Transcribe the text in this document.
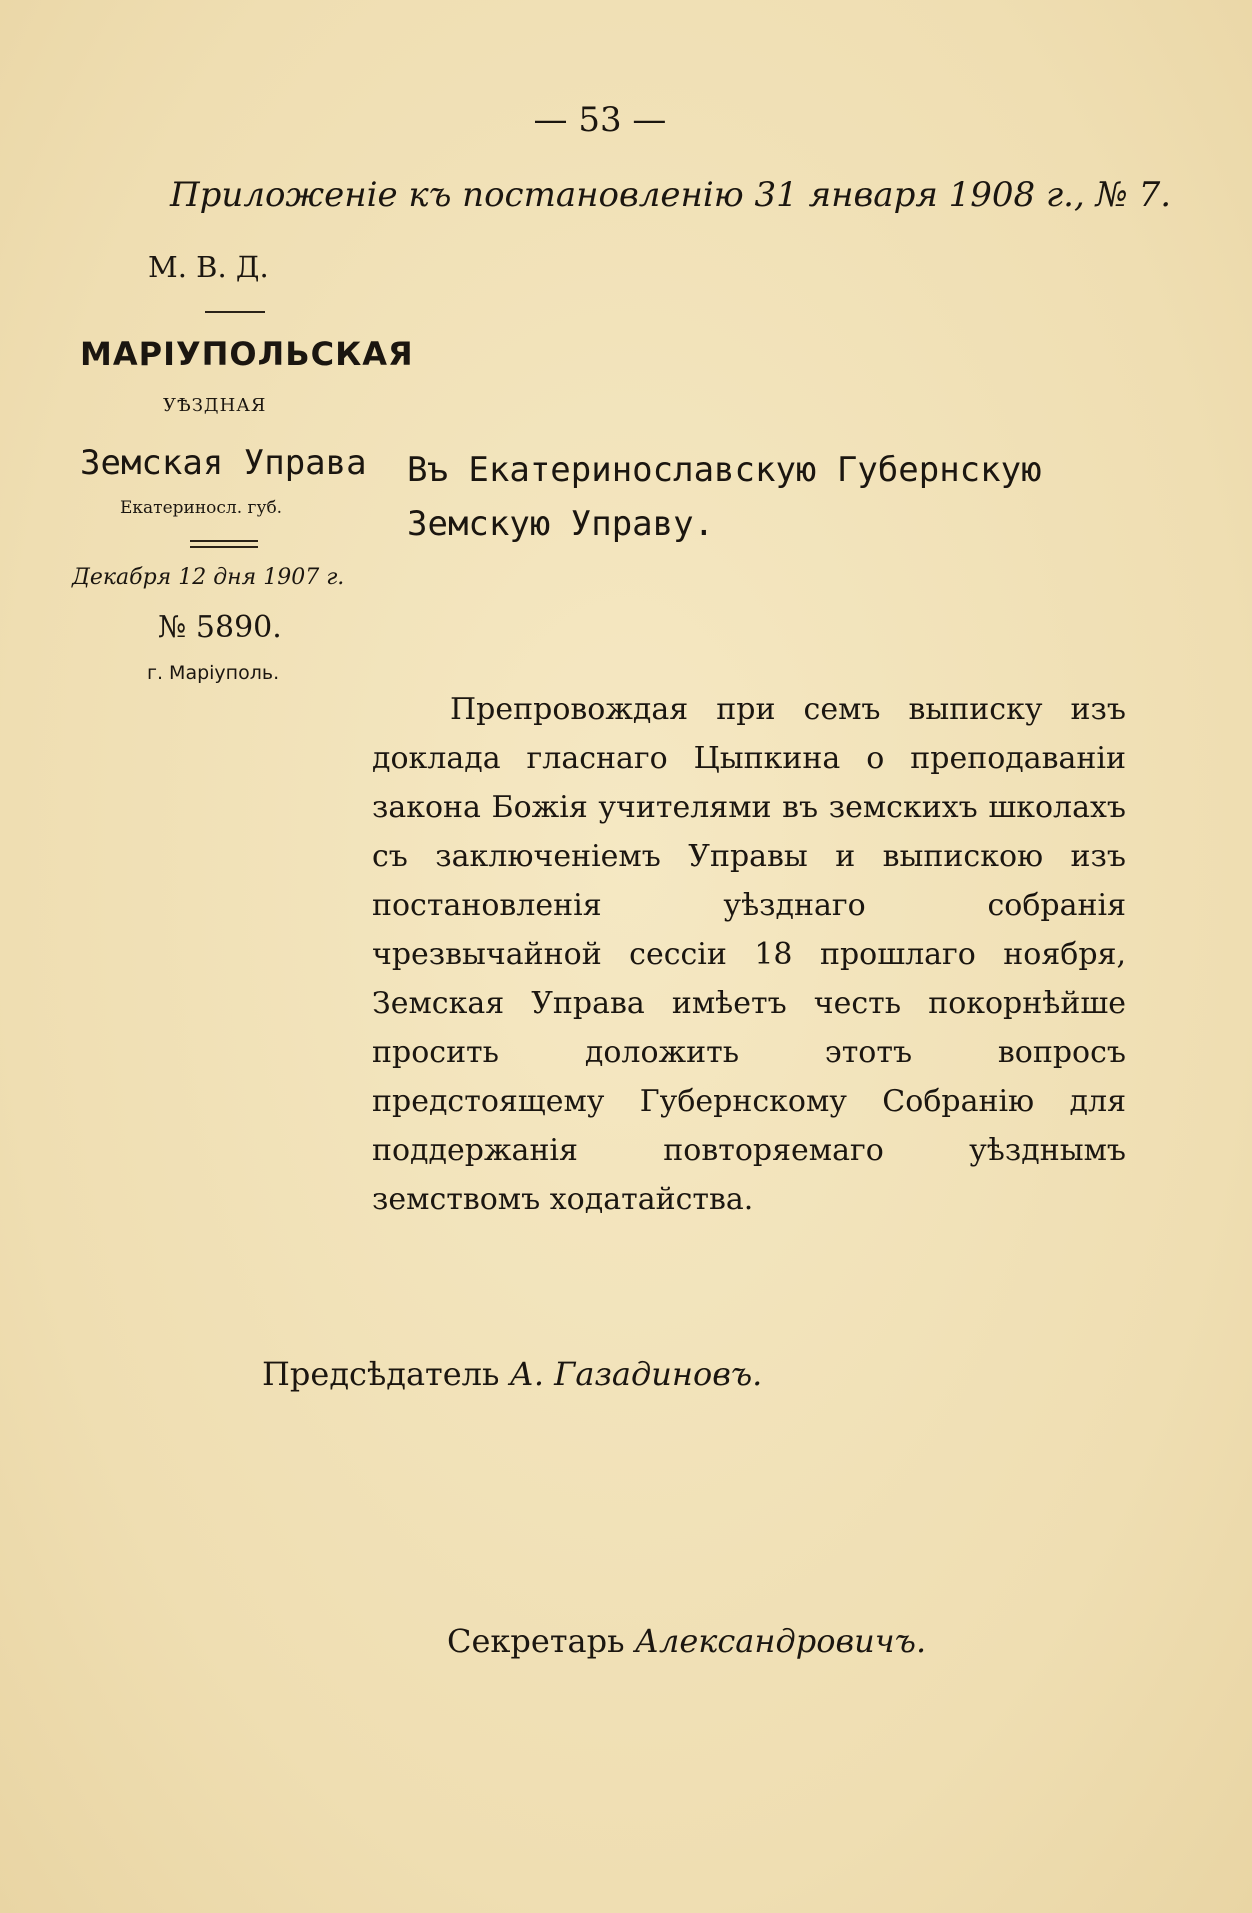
— 53 —
Приложеніе къ постановленію 31 января 1908 г., № 7.
М. В. Д.
МАРІУПОЛЬСКАЯ
УѢЗДНАЯ
Земская Управа
Екатериносл. губ.
Декабря 12 дня 1907 г.
№ 5890.
г. Маріуполь.
Въ Екатеринославскую Губернскую Земскую Управу.

Препровождая при семъ выписку изъ доклада гласнаго Цыпкина о преподаваніи закона Божія учителями въ земскихъ школахъ съ заключеніемъ Управы и выпискою изъ постановленія уѣзднаго собранія чрезвычайной сессіи 18 прошлаго ноября, Земская Управа имѣетъ честь покорнѣйше просить доложить этотъ вопросъ предстоящему Губернскому Собранію для поддержанія повторяемаго уѣзднымъ земствомъ ходатайства.

Предсѣдатель А. Газадиновъ.
Секретарь Александровичъ.
